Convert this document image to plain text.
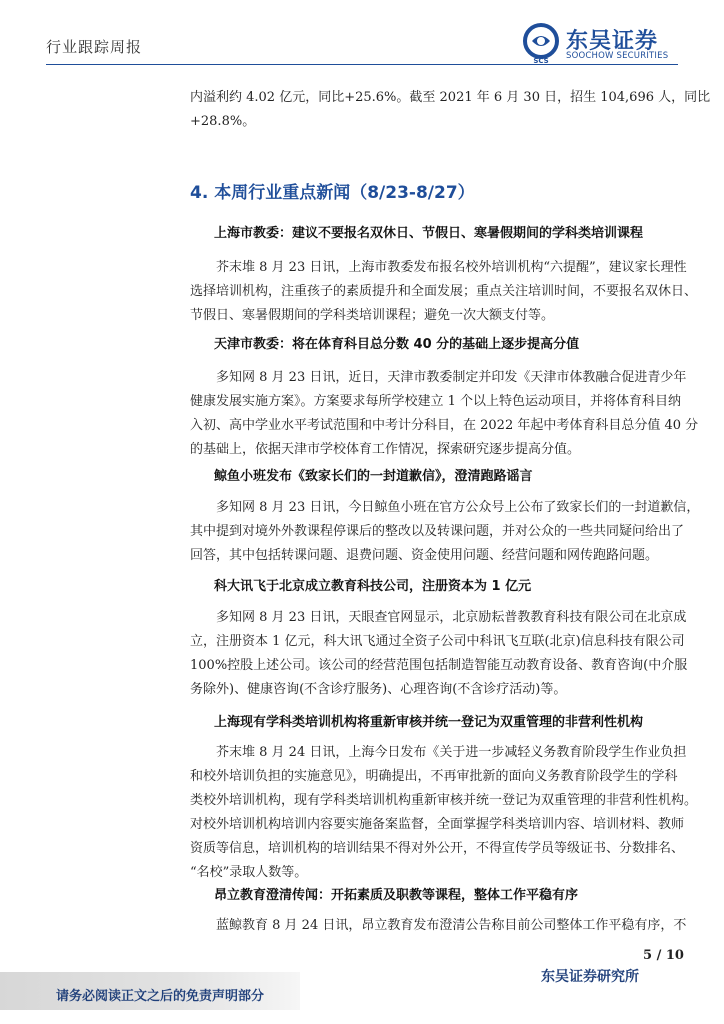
行业跟踪周报
SCS
东吴证券
SOOCHOW SECURITIES
内溢利约 4.02 亿元，同比+25.6%。截至 2021 年 6 月 30 日，招生 104,696 人，同比
+28.8%。
4. 本周行业重点新闻（8/23-8/27）
上海市教委：建议不要报名双休日、节假日、寒暑假期间的学科类培训课程
芥末堆 8 月 23 日讯，上海市教委发布报名校外培训机构“六提醒”，建议家长理性
选择培训机构，注重孩子的素质提升和全面发展；重点关注培训时间，不要报名双休日、
节假日、寒暑假期间的学科类培训课程；避免一次大额支付等。
天津市教委：将在体育科目总分数 40 分的基础上逐步提高分值
多知网 8 月 23 日讯，近日，天津市教委制定并印发《天津市体教融合促进青少年
健康发展实施方案》。方案要求每所学校建立 1 个以上特色运动项目，并将体育科目纳
入初、高中学业水平考试范围和中考计分科目，在 2022 年起中考体育科目总分值 40 分
的基础上，依据天津市学校体育工作情况，探索研究逐步提高分值。
鲸鱼小班发布《致家长们的一封道歉信》，澄清跑路谣言
多知网 8 月 23 日讯，今日鲸鱼小班在官方公众号上公布了致家长们的一封道歉信，
其中提到对境外外教课程停课后的整改以及转课问题，并对公众的一些共同疑问给出了
回答，其中包括转课问题、退费问题、资金使用问题、经营问题和网传跑路问题。
科大讯飞于北京成立教育科技公司，注册资本为 1 亿元
多知网 8 月 23 日讯，天眼查官网显示，北京励耘普教教育科技有限公司在北京成
立，注册资本 1 亿元，科大讯飞通过全资子公司中科讯飞互联(北京)信息科技有限公司
100%控股上述公司。该公司的经营范围包括制造智能互动教育设备、教育咨询(中介服
务除外)、健康咨询(不含诊疗服务)、心理咨询(不含诊疗活动)等。
上海现有学科类培训机构将重新审核并统一登记为双重管理的非营利性机构
芥末堆 8 月 24 日讯，上海今日发布《关于进一步减轻义务教育阶段学生作业负担
和校外培训负担的实施意见》，明确提出，不再审批新的面向义务教育阶段学生的学科
类校外培训机构，现有学科类培训机构重新审核并统一登记为双重管理的非营利性机构。
对校外培训机构培训内容要实施备案监督，全面掌握学科类培训内容、培训材料、教师
资质等信息，培训机构的培训结果不得对外公开，不得宣传学员等级证书、分数排名、
“名校”录取人数等。
昂立教育澄清传闻：开拓素质及职教等课程，整体工作平稳有序
蓝鲸教育 8 月 24 日讯，昂立教育发布澄清公告称目前公司整体工作平稳有序，不
5 / 10
请务必阅读正文之后的免责声明部分
东吴证券研究所
